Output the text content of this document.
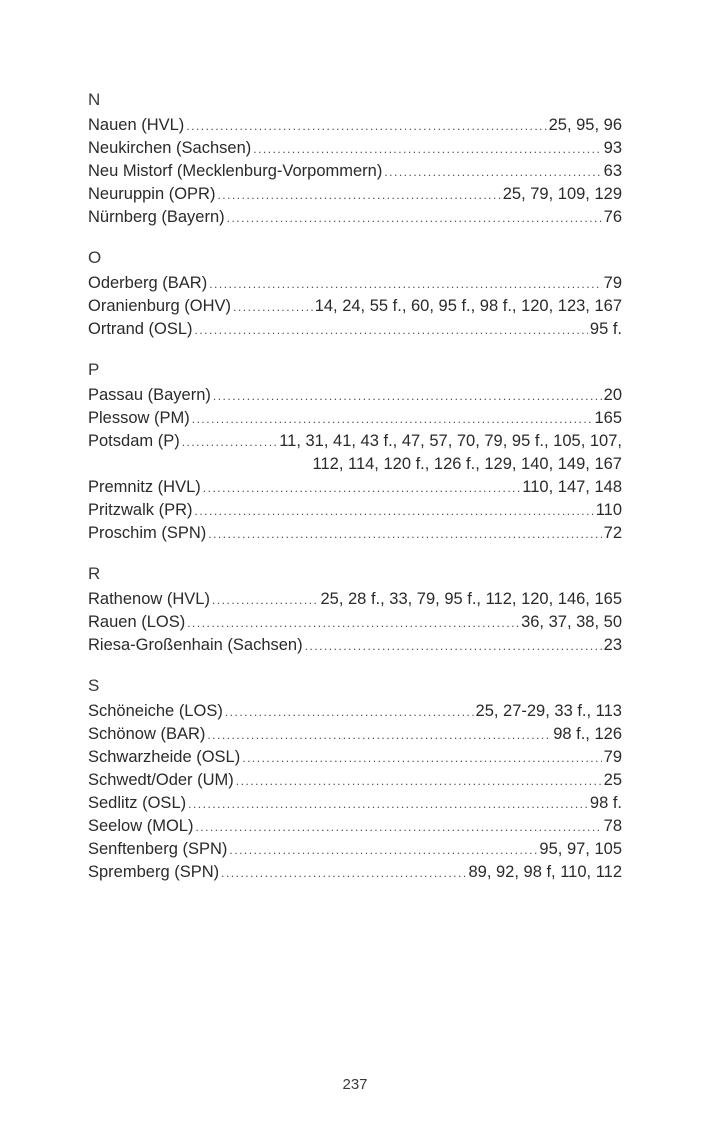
N
Nauen (HVL) .....	25, 95, 96
Neukirchen (Sachsen) .....	93
Neu Mistorf (Mecklenburg-Vorpommern) .....	63
Neuruppin (OPR) .....	25, 79, 109, 129
Nürnberg (Bayern) .....	76
O
Oderberg (BAR) .....	79
Oranienburg (OHV) .....	14, 24, 55 f., 60, 95 f., 98 f., 120, 123, 167
Ortrand (OSL) .....	95 f.
P
Passau (Bayern) .....	20
Plessow (PM) .....	165
Potsdam (P) .....	11, 31, 41, 43 f., 47, 57, 70, 79, 95 f., 105, 107,
112, 114, 120 f., 126 f., 129, 140, 149, 167
Premnitz (HVL) .....	110, 147, 148
Pritzwalk (PR) .....	110
Proschim (SPN) .....	72
R
Rathenow (HVL) .....	25, 28 f., 33, 79, 95 f., 112, 120, 146, 165
Rauen (LOS) .....	36, 37, 38, 50
Riesa-Großenhain (Sachsen) .....	23
S
Schöneiche (LOS) .....	25, 27-29, 33 f., 113
Schönow (BAR) .....	98 f., 126
Schwarzheide (OSL) .....	79
Schwedt/Oder (UM) .....	25
Sedlitz (OSL) .....	98 f.
Seelow (MOL) .....	78
Senftenberg (SPN) .....	95, 97, 105
Spremberg (SPN) .....	89, 92, 98 f, 110, 112
237
